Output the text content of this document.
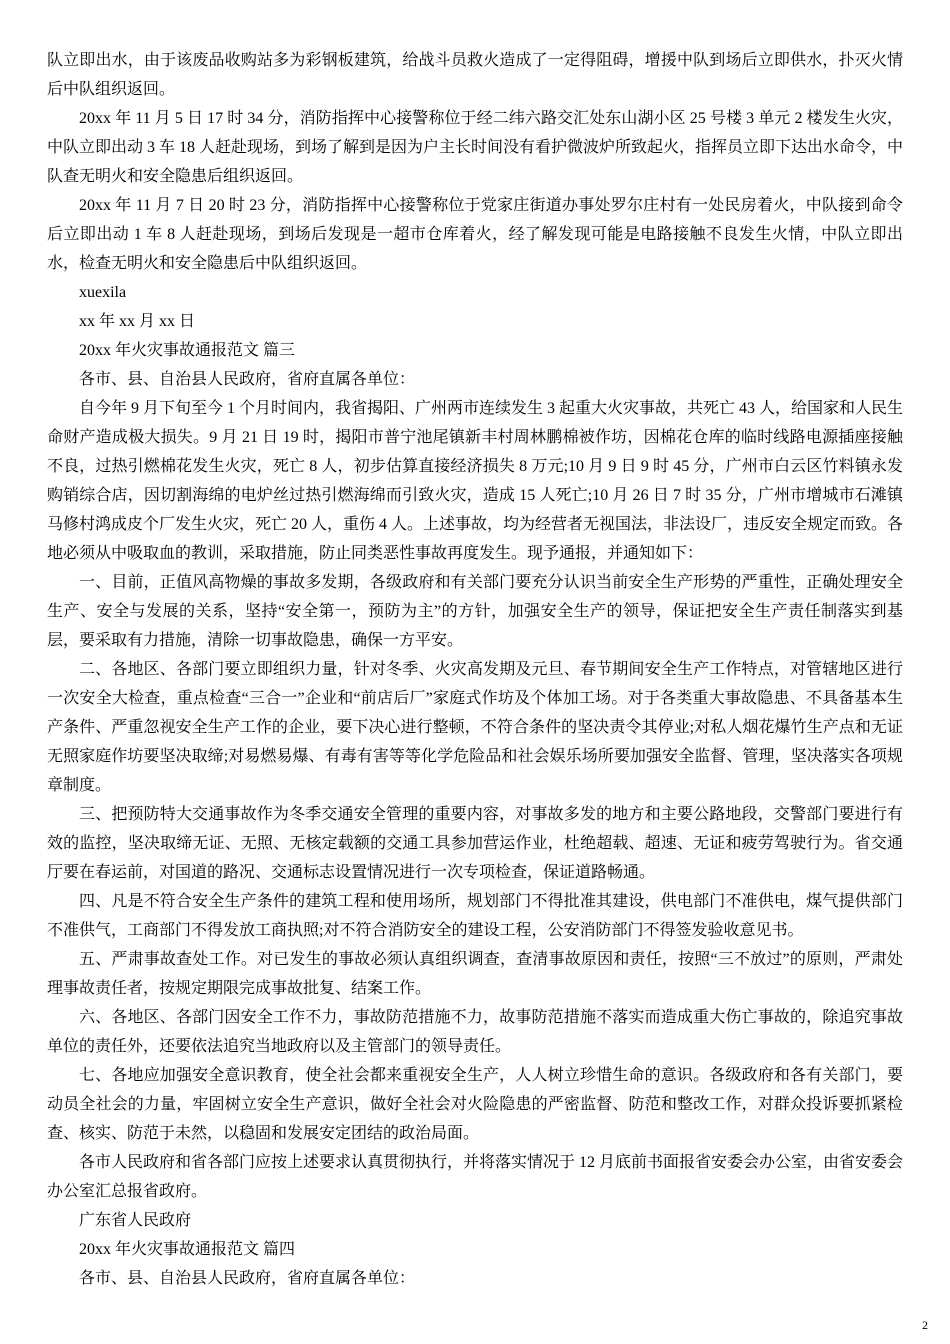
队立即出水，由于该废品收购站多为彩钢板建筑，给战斗员救火造成了一定得阻碍，增援中队到场后立即供水，扑灭火情后中队组织返回。

20xx 年 11 月 5 日 17 时 34 分，消防指挥中心接警称位于经二纬六路交汇处东山湖小区 25 号楼 3 单元 2 楼发生火灾，中队立即出动 3 车 18 人赶赴现场，到场了解到是因为户主长时间没有看护微波炉所致起火，指挥员立即下达出水命令，中队查无明火和安全隐患后组织返回。

20xx 年 11 月 7 日 20 时 23 分，消防指挥中心接警称位于党家庄街道办事处罗尔庄村有一处民房着火，中队接到命令后立即出动 1 车 8 人赶赴现场，到场后发现是一超市仓库着火，经了解发现可能是电路接触不良发生火情，中队立即出水，检查无明火和安全隐患后中队组织返回。

xuexila

xx 年 xx 月 xx 日

20xx 年火灾事故通报范文 篇三

各市、县、自治县人民政府，省府直属各单位：

自今年 9 月下旬至今 1 个月时间内，我省揭阳、广州两市连续发生 3 起重大火灾事故，共死亡 43 人，给国家和人民生命财产造成极大损失。9 月 21 日 19 时，揭阳市普宁池尾镇新丰村周林鹏棉被作坊，因棉花仓库的临时线路电源插座接触不良，过热引燃棉花发生火灾，死亡 8 人，初步估算直接经济损失 8 万元;10 月 9 日 9 时 45 分，广州市白云区竹料镇永发购销综合店，因切割海绵的电炉丝过热引燃海绵而引致火灾，造成 15 人死亡;10 月 26 日 7 时 35 分，广州市增城市石滩镇马修村鸿成皮个厂发生火灾，死亡 20 人，重伤 4 人。上述事故，均为经营者无视国法，非法设厂，违反安全规定而致。各地必须从中吸取血的教训，采取措施，防止同类恶性事故再度发生。现予通报，并通知如下：

一、目前，正值风高物燥的事故多发期，各级政府和有关部门要充分认识当前安全生产形势的严重性，正确处理安全生产、安全与发展的关系，坚持“安全第一，预防为主”的方针，加强安全生产的领导，保证把安全生产责任制落实到基层，要采取有力措施，清除一切事故隐患，确保一方平安。

二、各地区、各部门要立即组织力量，针对冬季、火灾高发期及元旦、春节期间安全生产工作特点，对管辖地区进行一次安全大检查，重点检查“三合一”企业和“前店后厂”家庭式作坊及个体加工场。对于各类重大事故隐患、不具备基本生产条件、严重忽视安全生产工作的企业，要下决心进行整顿，不符合条件的坚决责令其停业;对私人烟花爆竹生产点和无证无照家庭作坊要坚决取缔;对易燃易爆、有毒有害等等化学危险品和社会娱乐场所要加强安全监督、管理，坚决落实各项规章制度。

三、把预防特大交通事故作为冬季交通安全管理的重要内容，对事故多发的地方和主要公路地段，交警部门要进行有效的监控，坚决取缔无证、无照、无核定载额的交通工具参加营运作业，杜绝超载、超速、无证和疲劳驾驶行为。省交通厅要在春运前，对国道的路况、交通标志设置情况进行一次专项检查，保证道路畅通。

四、凡是不符合安全生产条件的建筑工程和使用场所，规划部门不得批准其建设，供电部门不准供电，煤气提供部门不准供气，工商部门不得发放工商执照;对不符合消防安全的建设工程，公安消防部门不得签发验收意见书。

五、严肃事故查处工作。对已发生的事故必须认真组织调查，查清事故原因和责任，按照“三不放过”的原则，严肃处理事故责任者，按规定期限完成事故批复、结案工作。

六、各地区、各部门因安全工作不力，事故防范措施不力，故事防范措施不落实而造成重大伤亡事故的，除追究事故单位的责任外，还要依法追究当地政府以及主管部门的领导责任。

七、各地应加强安全意识教育，使全社会都来重视安全生产，人人树立珍惜生命的意识。各级政府和各有关部门，要动员全社会的力量，牢固树立安全生产意识，做好全社会对火险隐患的严密监督、防范和整改工作，对群众投诉要抓紧检查、核实、防范于未然，以稳固和发展安定团结的政治局面。

各市人民政府和省各部门应按上述要求认真贯彻执行，并将落实情况于 12 月底前书面报省安委会办公室，由省安委会办公室汇总报省政府。

广东省人民政府

20xx 年火灾事故通报范文 篇四

各市、县、自治县人民政府，省府直属各单位：

2
